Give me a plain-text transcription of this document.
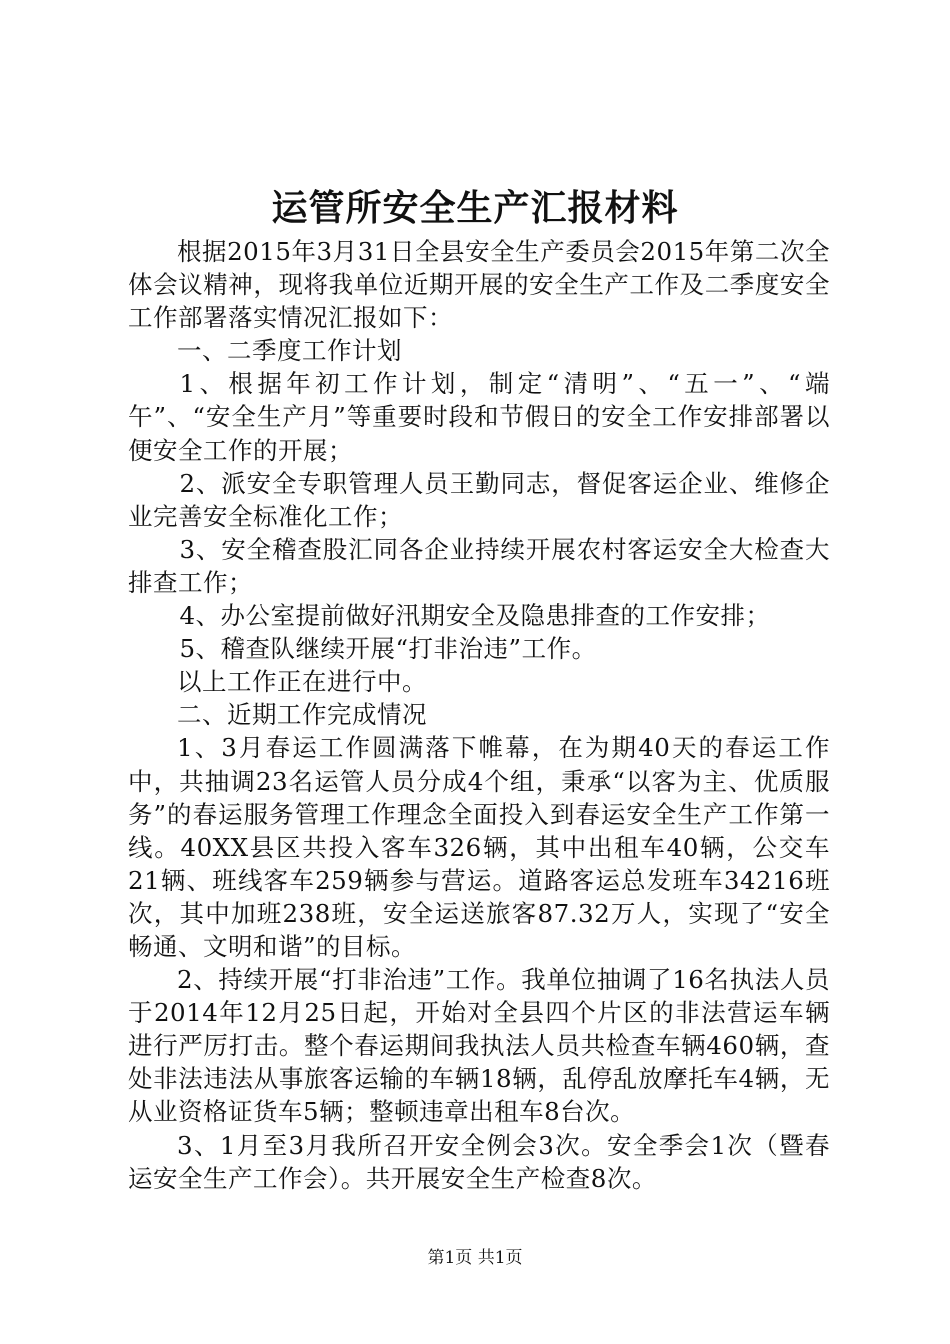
运管所安全生产汇报材料

根据2015年3月31日全县安全生产委员会2015年第二次全体会议精神，现将我单位近期开展的安全生产工作及二季度安全工作部署落实情况汇报如下：

一、二季度工作计划

1、根据年初工作计划，制定“清明”、“五一”、“端午”、“安全生产月”等重要时段和节假日的安全工作安排部署以便安全工作的开展；

2、派安全专职管理人员王勤同志，督促客运企业、维修企业完善安全标准化工作；

3、安全稽查股汇同各企业持续开展农村客运安全大检查大排查工作；

4、办公室提前做好汛期安全及隐患排查的工作安排；

5、稽查队继续开展“打非治违”工作。

以上工作正在进行中。

二、近期工作完成情况

1、3月春运工作圆满落下帷幕，在为期40天的春运工作中，共抽调23名运管人员分成4个组，秉承“以客为主、优质服务”的春运服务管理工作理念全面投入到春运安全生产工作第一线。40XX县区共投入客车326辆，其中出租车40辆，公交车21辆、班线客车259辆参与营运。道路客运总发班车34216班次，其中加班238班，安全运送旅客87.32万人，实现了“安全畅通、文明和谐”的目标。

2、持续开展“打非治违”工作。我单位抽调了16名执法人员于2014年12月25日起，开始对全县四个片区的非法营运车辆进行严厉打击。整个春运期间我执法人员共检查车辆460辆，查处非法违法从事旅客运输的车辆18辆，乱停乱放摩托车4辆，无从业资格证货车5辆；整顿违章出租车8台次。

3、1月至3月我所召开安全例会3次。安全季会1次（暨春运安全生产工作会）。共开展安全生产检查8次。

第1页 共1页
